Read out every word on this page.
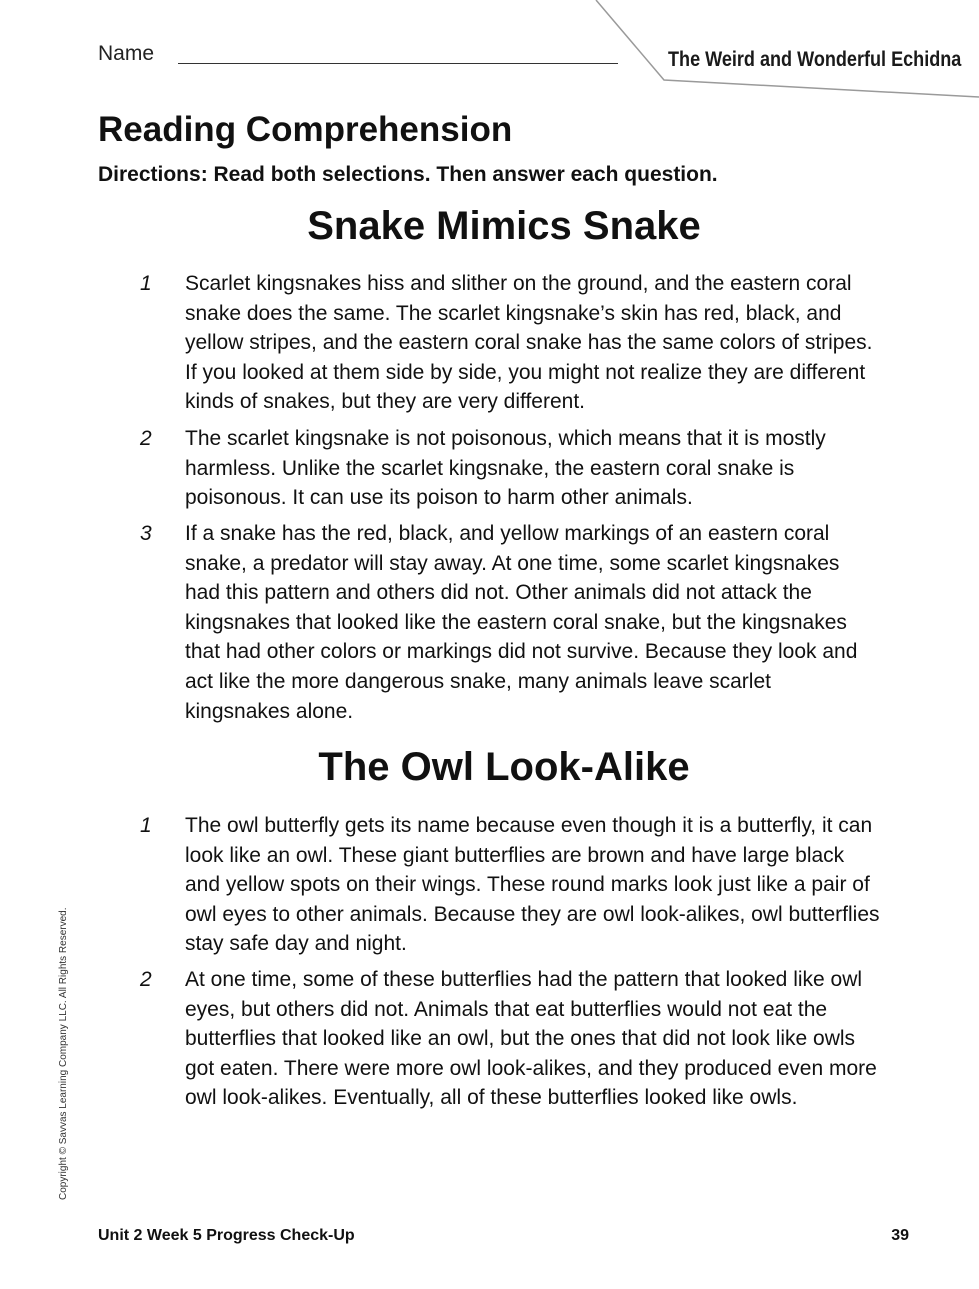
Name	The Weird and Wonderful Echidna
Reading Comprehension

Directions: Read both selections. Then answer each question.

Snake Mimics Snake
1 Scarlet kingsnakes hiss and slither on the ground, and the eastern coral snake does the same. The scarlet kingsnake’s skin has red, black, and yellow stripes, and the eastern coral snake has the same colors of stripes. If you looked at them side by side, you might not realize they are different kinds of snakes, but they are very different.

2 The scarlet kingsnake is not poisonous, which means that it is mostly harmless. Unlike the scarlet kingsnake, the eastern coral snake is poisonous. It can use its poison to harm other animals.

3 If a snake has the red, black, and yellow markings of an eastern coral snake, a predator will stay away. At one time, some scarlet kingsnakes had this pattern and others did not. Other animals did not attack the kingsnakes that looked like the eastern coral snake, but the kingsnakes that had other colors or markings did not survive. Because they look and act like the more dangerous snake, many animals leave scarlet kingsnakes alone.

The Owl Look-Alike
1 The owl butterfly gets its name because even though it is a butterfly, it can look like an owl. These giant butterflies are brown and have large black and yellow spots on their wings. These round marks look just like a pair of owl eyes to other animals. Because they are owl look-alikes, owl butterflies stay safe day and night.

2 At one time, some of these butterflies had the pattern that looked like owl eyes, but others did not. Animals that eat butterflies would not eat the butterflies that looked like an owl, but the ones that did not look like owls got eaten. There were more owl look-alikes, and they produced even more owl look-alikes. Eventually, all of these butterflies looked like owls.

Copyright © Savvas Learning Company LLC. All Rights Reserved.
Unit 2 Week 5 Progress Check-Up	39
